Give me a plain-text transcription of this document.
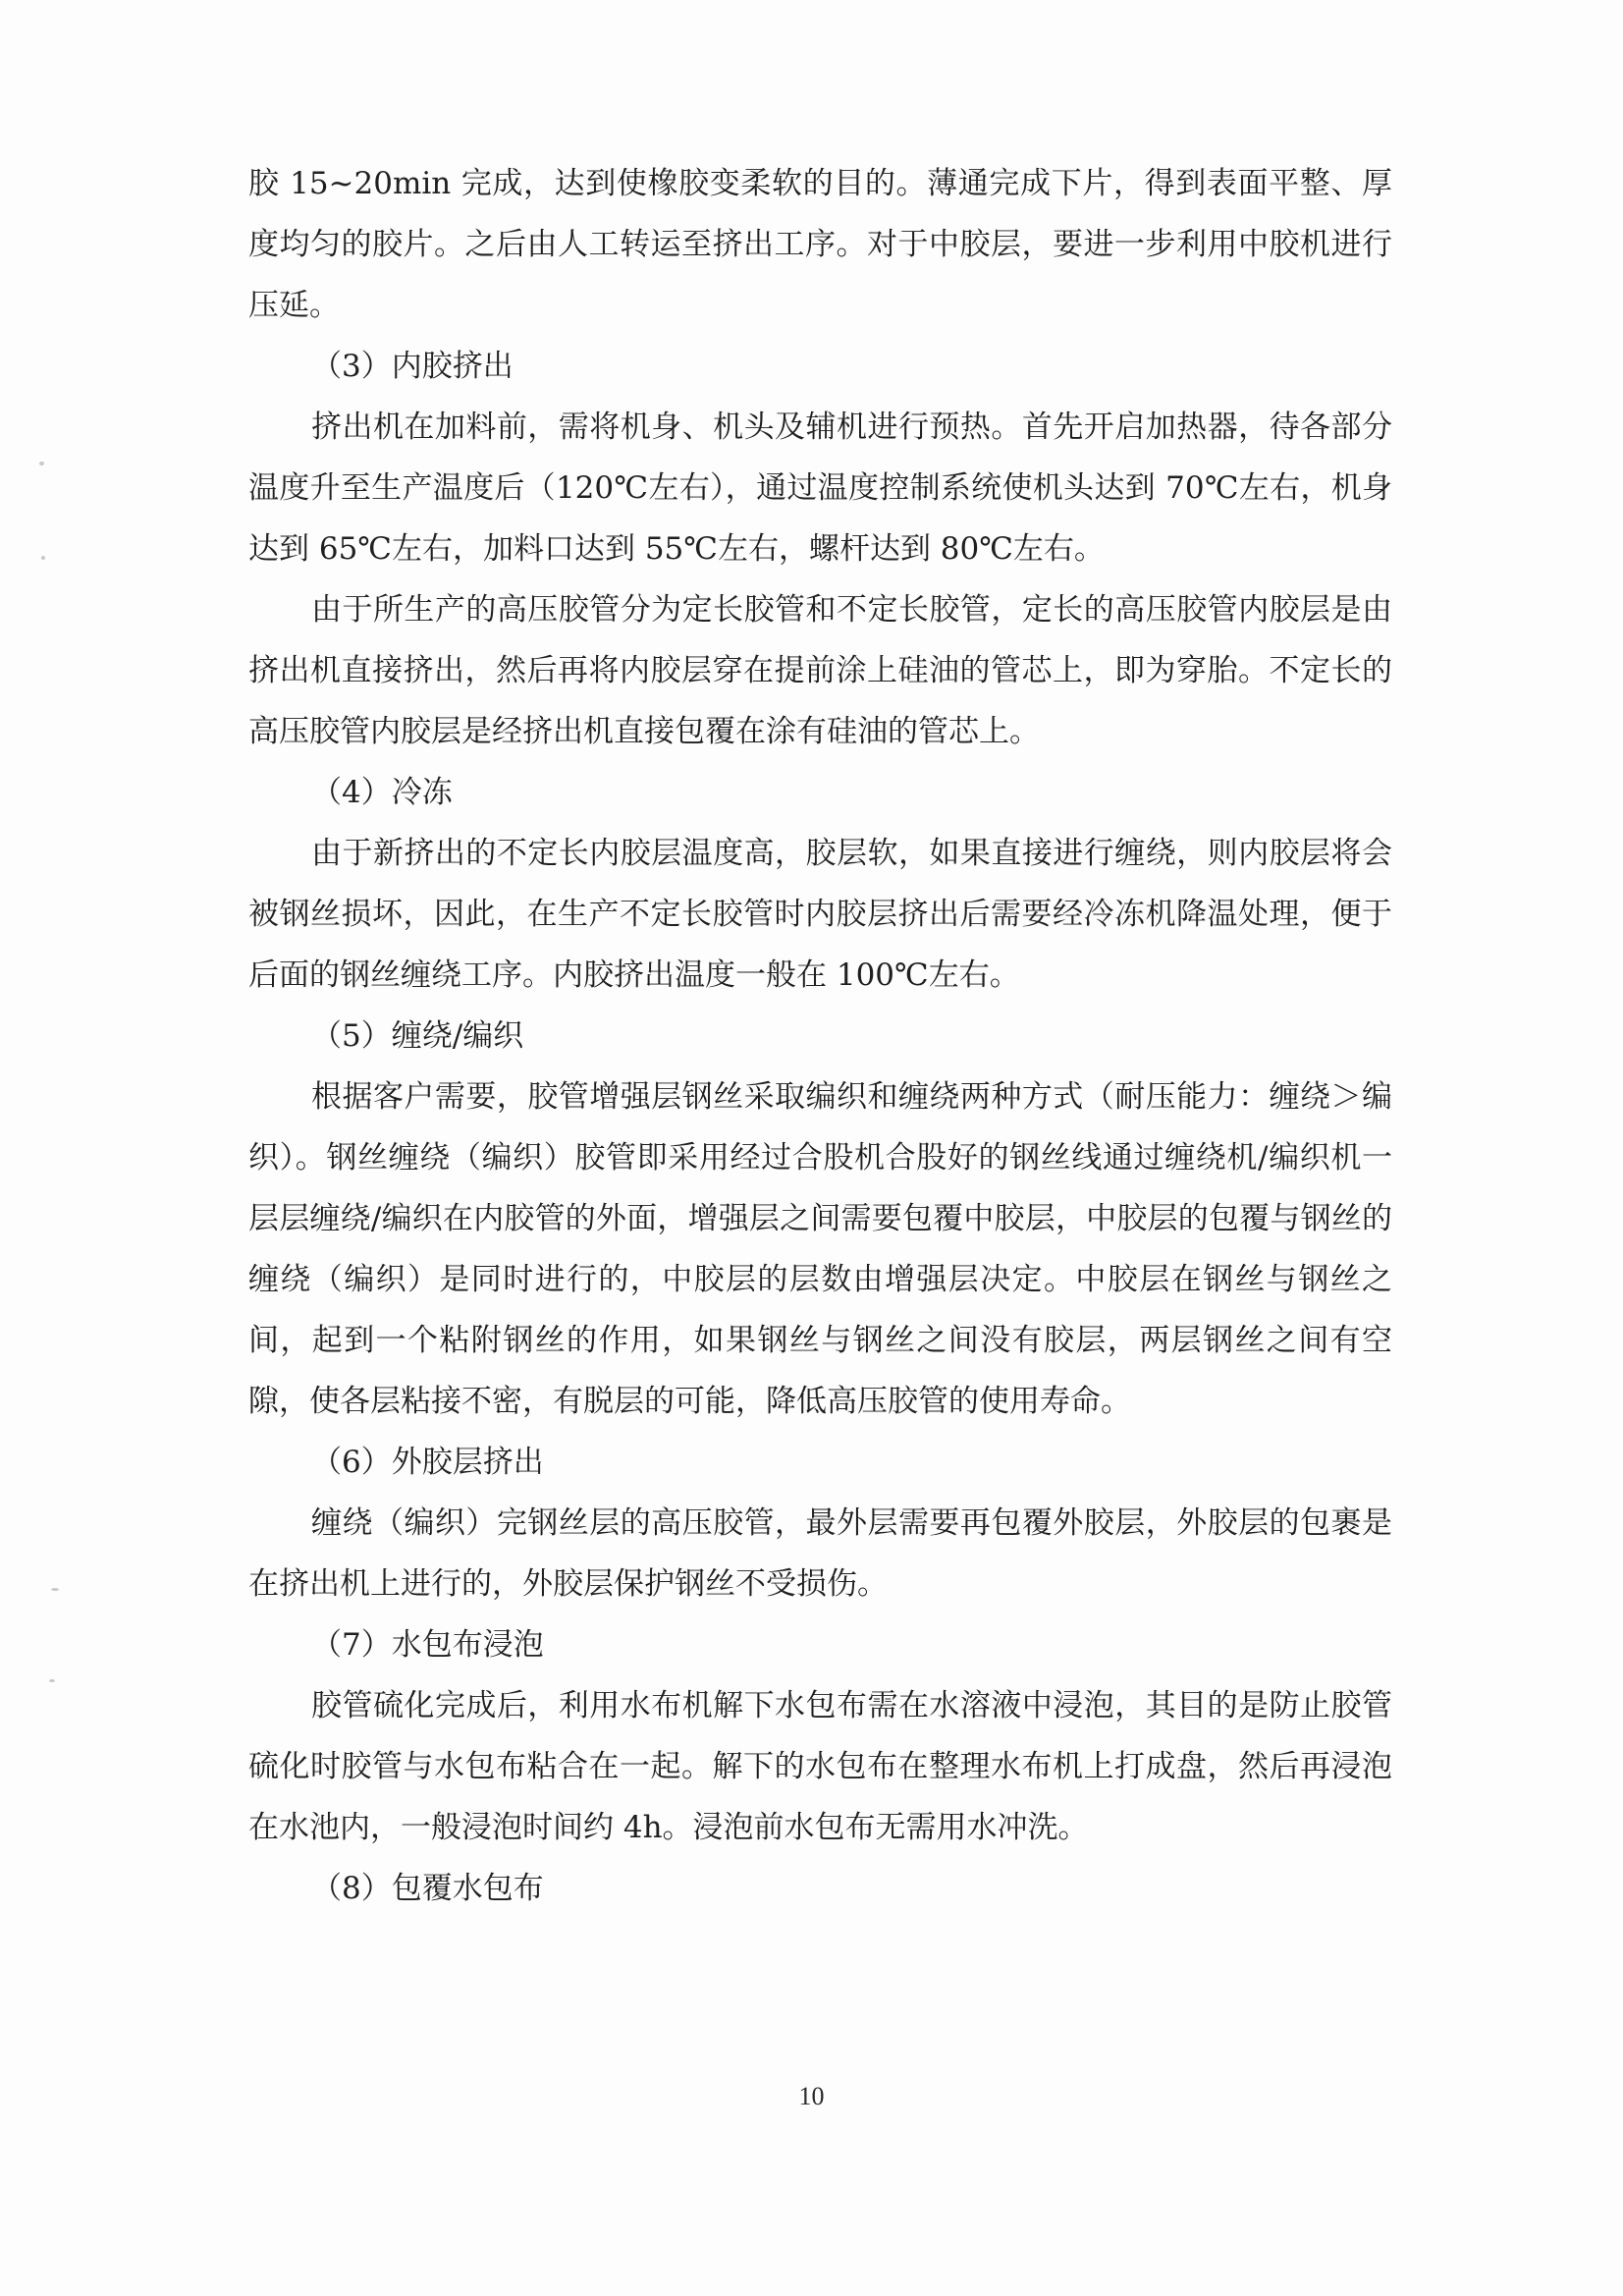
胶 15~20min 完成，达到使橡胶变柔软的目的。薄通完成下片，得到表面平整、厚度均匀的胶片。之后由人工转运至挤出工序。对于中胶层，要进一步利用中胶机进行压延。

（3）内胶挤出

挤出机在加料前，需将机身、机头及辅机进行预热。首先开启加热器，待各部分温度升至生产温度后（120℃左右），通过温度控制系统使机头达到 70℃左右，机身达到 65℃左右，加料口达到 55℃左右，螺杆达到 80℃左右。

由于所生产的高压胶管分为定长胶管和不定长胶管，定长的高压胶管内胶层是由挤出机直接挤出，然后再将内胶层穿在提前涂上硅油的管芯上，即为穿胎。不定长的高压胶管内胶层是经挤出机直接包覆在涂有硅油的管芯上。

（4）冷冻

由于新挤出的不定长内胶层温度高，胶层软，如果直接进行缠绕，则内胶层将会被钢丝损坏，因此，在生产不定长胶管时内胶层挤出后需要经冷冻机降温处理，便于后面的钢丝缠绕工序。内胶挤出温度一般在 100℃左右。

（5）缠绕/编织

根据客户需要，胶管增强层钢丝采取编织和缠绕两种方式（耐压能力：缠绕＞编织）。钢丝缠绕（编织）胶管即采用经过合股机合股好的钢丝线通过缠绕机/编织机一层层缠绕/编织在内胶管的外面，增强层之间需要包覆中胶层，中胶层的包覆与钢丝的缠绕（编织）是同时进行的，中胶层的层数由增强层决定。中胶层在钢丝与钢丝之间，起到一个粘附钢丝的作用，如果钢丝与钢丝之间没有胶层，两层钢丝之间有空隙，使各层粘接不密，有脱层的可能，降低高压胶管的使用寿命。

（6）外胶层挤出

缠绕（编织）完钢丝层的高压胶管，最外层需要再包覆外胶层，外胶层的包裹是在挤出机上进行的，外胶层保护钢丝不受损伤。

（7）水包布浸泡

胶管硫化完成后，利用水布机解下水包布需在水溶液中浸泡，其目的是防止胶管硫化时胶管与水包布粘合在一起。解下的水包布在整理水布机上打成盘，然后再浸泡在水池内，一般浸泡时间约 4h。浸泡前水包布无需用水冲洗。

（8）包覆水包布

10
